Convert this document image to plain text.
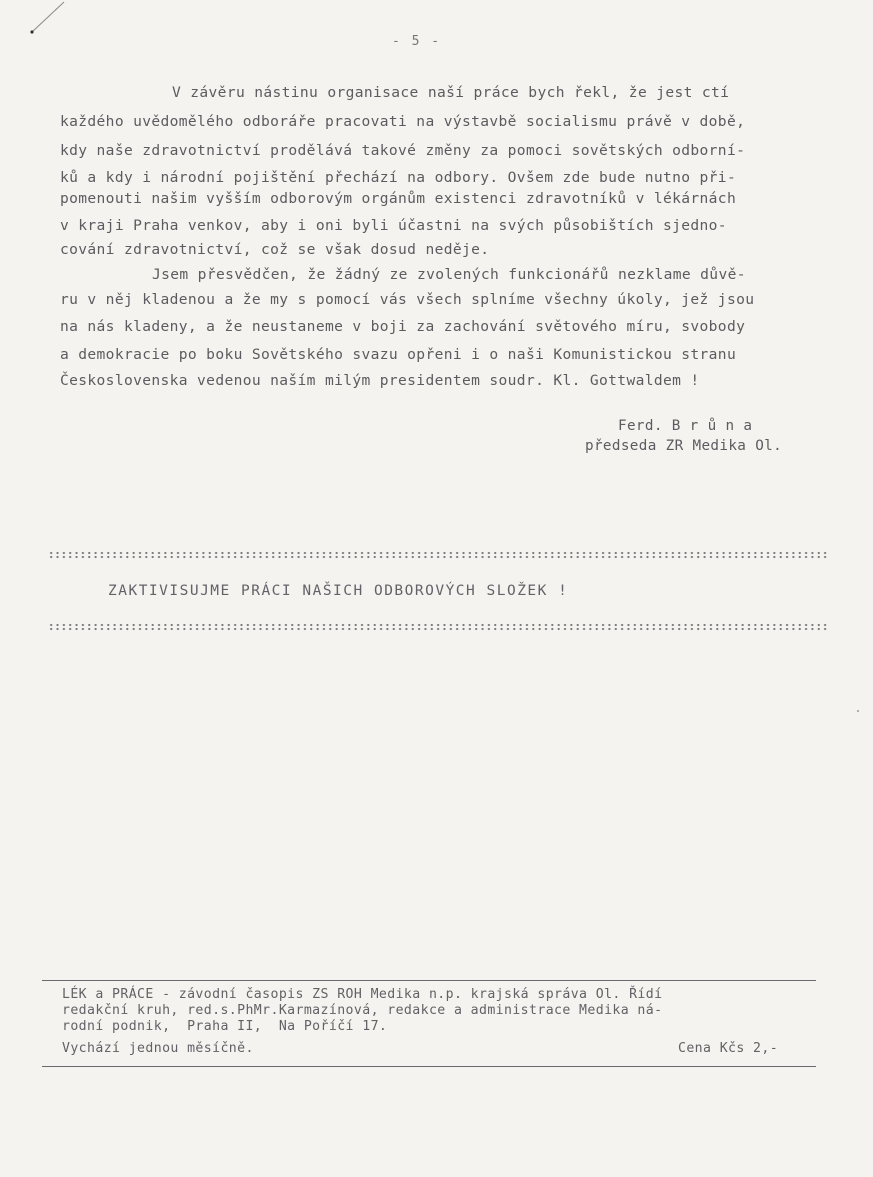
- 5 -
V závěru nástinu organisace naší práce bych řekl, že jest ctí
každého uvědomělého odboráře pracovati na výstavbě socialismu právě v době,
kdy naše zdravotnictví prodělává takové změny za pomoci sovětských odborní-
ků a kdy i národní pojištění přechází na odbory. Ovšem zde bude nutno při-
pomenouti našim vyšším odborovým orgánům existenci zdravotníků v lékárnách
v kraji Praha venkov, aby i oni byli účastni na svých působištích sjedno-
cování zdravotnictví, což se však dosud neděje.
Jsem přesvědčen, že žádný ze zvolených funkcionářů nezklame důvě-
ru v něj kladenou a že my s pomocí vás všech splníme všechny úkoly, jež jsou
na nás kladeny, a že neustaneme v boji za zachování světového míru, svobody
a demokracie po boku Sovětského svazu opřeni i o naši Komunistickou stranu
Československa vedenou naším milým presidentem soudr. Kl. Gottwaldem !
Ferd. B r ů n a
předseda ZR Medika Ol.
ZAKTIVISUJME PRÁCI NAŠICH ODBOROVÝCH SLOŽEK !
LÉK a PRÁCE - závodní časopis ZS ROH Medika n.p. krajská správa Ol. Řídí
redakční kruh, red.s.PhMr.Karmazínová, redakce a administrace Medika ná-
rodní podnik,  Praha II,  Na Poříčí 17.
Vychází jednou měsíčně.	Cena Kčs 2,-
